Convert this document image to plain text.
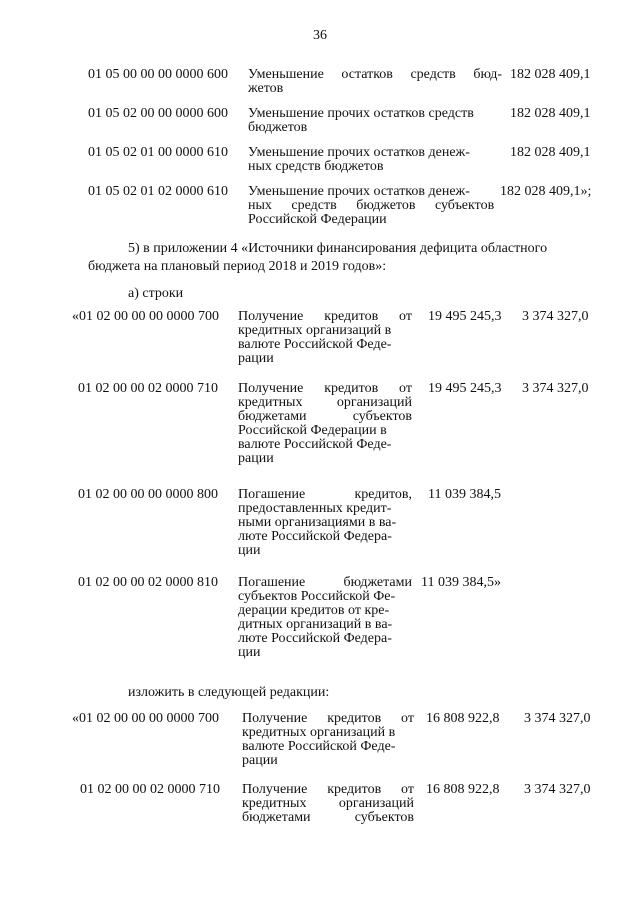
36
01 05 00 00 00 0000 600	Уменьшение остатков средств бюд-
жетов
182 028 409,1
01 05 02 00 00 0000 600	Уменьшение прочих остатков средств
бюджетов
182 028 409,1
01 05 02 01 00 0000 610	Уменьшение прочих остатков денеж-
ных средств бюджетов
182 028 409,1
01 05 02 01 02 0000 610	Уменьшение прочих остатков денеж-
ных средств бюджетов субъектов
Российской Федерации
182 028 409,1»;
5) в приложении 4 «Источники финансирования дефицита областного
бюджета на плановый период 2018 и 2019 годов»:
а) строки
«01 02 00 00 00 0000 700 Получение кредитов от
кредитных организаций в
валюте Российской Феде-
рации
19 495 245,3 3 374 327,0
01 02 00 00 02 0000 710 Получение кредитов от
кредитных организаций
бюджетами субъектов
Российской Федерации в
валюте Российской Феде-
рации
19 495 245,3 3 374 327,0
01 02 00 00 00 0000 800 Погашение кредитов,
предоставленных кредит-
ными организациями в ва-
люте Российской Федера-
ции
11 039 384,5
01 02 00 00 02 0000 810 Погашение бюджетами
субъектов Российской Фе-
дерации кредитов от кре-
дитных организаций в ва-
люте Российской Федера-
ции
11 039 384,5»
изложить в следующей редакции:
«01 02 00 00 00 0000 700 Получение кредитов от
кредитных организаций в
валюте Российской Феде-
рации
16 808 922,8 3 374 327,0
01 02 00 00 02 0000 710 Получение кредитов от
кредитных организаций
бюджетами субъектов
16 808 922,8 3 374 327,0
